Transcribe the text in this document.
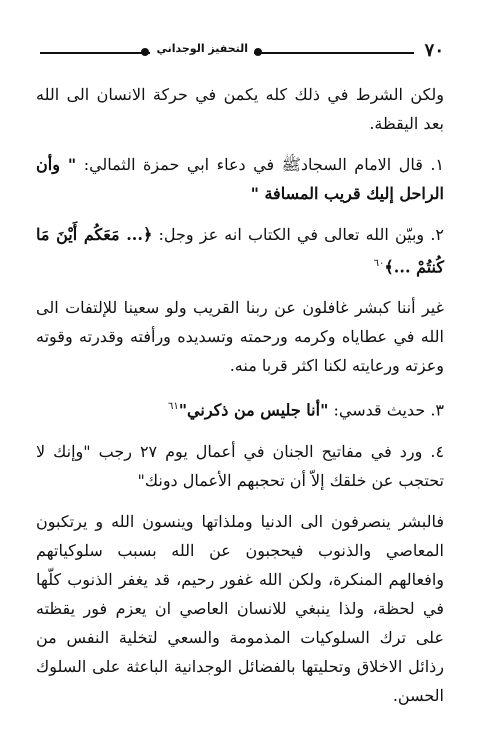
٧٠
التحفيز الوجداني

ولكن الشرط في ذلك كله يكمن في حركة الانسان الى الله بعد اليقظة.

١. قال الامام السجادﷺ في دعاء ابي حمزة الثمالي: " وأن الراحل إليك قريب المسافة "

٢. وبيّن الله تعالى في الكتاب انه عز وجل: ﴿... مَعَكُم أَيْنَ مَا كُنتُمْ ...﴾$^{٦٠}$

غير أننا كبشر غافلون عن ربنا القريب ولو سعينا للإلتفات الى الله في عطاياه وكرمه ورحمته وتسديده ورأفته وقدرته وقوته وعزته ورعايته لكنا اكثر قربا منه.

٣. حديث قدسي: "أنا جليس من ذكرني"$^{٦١}$

٤. ورد في مفاتيح الجنان في أعمال يوم ٢٧ رجب "وإنك لا تحتجب عن خلقك إلاّ أن تحجبهم الأعمال دونك"

فالبشر ينصرفون الى الدنيا وملذاتها وينسون الله و يرتكبون المعاصي والذنوب فيحجبون عن الله بسبب سلوكياتهم وافعالهم المنكرة، ولكن الله غفور رحيم، قد يغفر الذنوب كلّها في لحظة، ولذا ينبغي للانسان العاصي ان يعزم فور يقظته على ترك السلوكيات المذمومة والسعي لتخلية النفس من رذائل الاخلاق وتحليتها بالفضائل الوجدانية الباعثة على السلوك الحسن.
